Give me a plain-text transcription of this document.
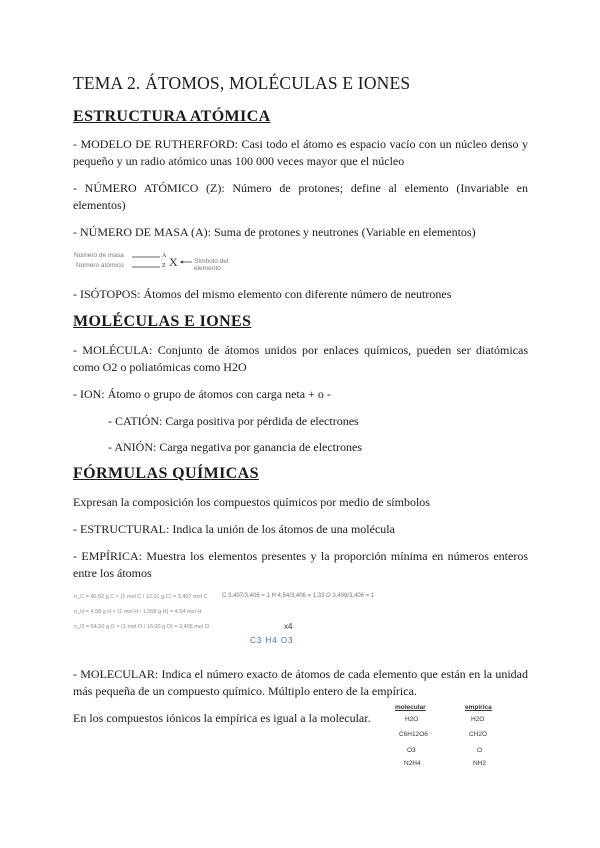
TEMA 2. ÁTOMOS, MOLÉCULAS E IONES
ESTRUCTURA ATÓMICA
- MODELO DE RUTHERFORD: Casi todo el átomo es espacio vacío con un núcleo denso y pequeño y un radio atómico unas 100 000 veces mayor que el núcleo
- NÚMERO ATÓMICO (Z): Número de protones; define al elemento (Invariable en elementos)
- NÚMERO DE MASA (A): Suma de protones y neutrones (Variable en elementos)
Número de masa
Número atómico
A
Z X	Símbolo del elemento
- ISÓTOPOS: Átomos del mismo elemento con diferente número de neutrones
MOLÉCULAS E IONES
- MOLÉCULA: Conjunto de átomos unidos por enlaces químicos, pueden ser diatómicas como O2 o poliatómicas como H2O
- ION: Átomo o grupo de átomos con carga neta + o -
- CATIÓN: Carga positiva por pérdida de electrones
- ANIÓN: Carga negativa por ganancia de electrones
FÓRMULAS QUÍMICAS
Expresan la composición los compuestos químicos por medio de símbolos
- ESTRUCTURAL: Indica la unión de los átomos de una molécula
- EMPÍRICA: Muestra los elementos presentes y la proporción mínima en números enteros entre los átomos
n_C = 40,92 g C × (1 mol C / 12,01 g C) = 3,407 mol C
n_H = 4,58 g H × (1 mol H / 1,008 g H) = 4,54 mol H
n_O = 54,50 g O × (1 mol O / 16,00 g O) = 3,406 mol O
C 3,407/3,406 = 1 H 4,54/3,406 = 1,33 O 3,406/3,406 = 1
x4
C3 H4 O3
- MOLECULAR: Indica el número exacto de átomos de cada elemento que están en la unidad más pequeña de un compuesto químico. Múltiplo entero de la empírica.
En los compuestos iónicos la empírica es igual a la molecular.
molecular	empírica
H2O	H2O
C6H12O6	CH2O
O3	O
N2H4	NH2
